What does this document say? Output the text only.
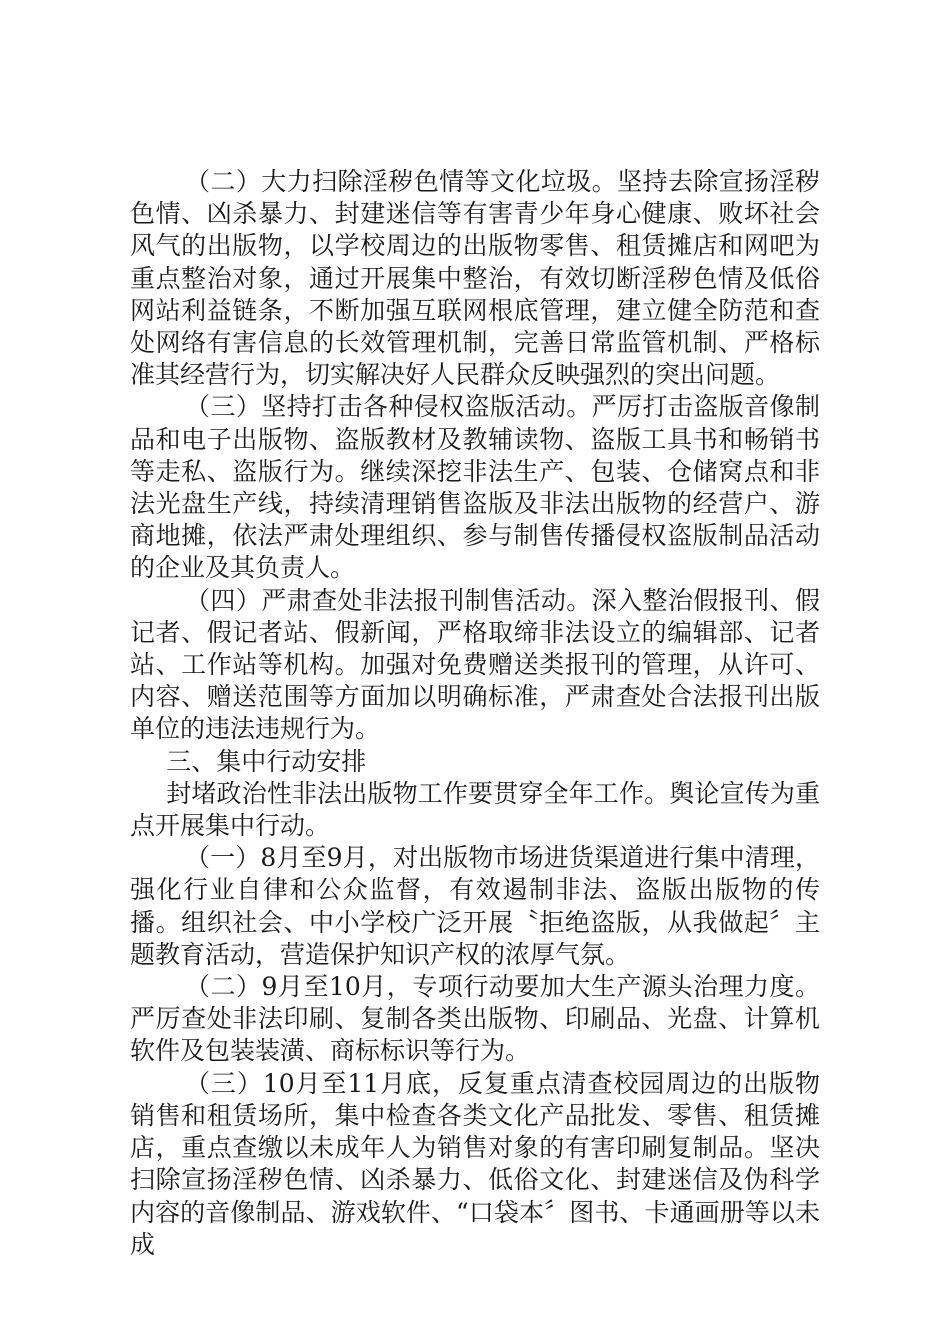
（二）大力扫除淫秽色情等文化垃圾。坚持去除宣扬淫秽色情、凶杀暴力、封建迷信等有害青少年身心健康、败坏社会风气的出版物，以学校周边的出版物零售、租赁摊店和网吧为重点整治对象，通过开展集中整治，有效切断淫秽色情及低俗网站利益链条，不断加强互联网根底管理，建立健全防范和查处网络有害信息的长效管理机制，完善日常监管机制、严格标准其经营行为，切实解决好人民群众反映强烈的突出问题。

（三）坚持打击各种侵权盗版活动。严厉打击盗版音像制品和电子出版物、盗版教材及教辅读物、盗版工具书和畅销书等走私、盗版行为。继续深挖非法生产、包装、仓储窝点和非法光盘生产线，持续清理销售盗版及非法出版物的经营户、游商地摊，依法严肃处理组织、参与制售传播侵权盗版制品活动的企业及其负责人。

（四）严肃查处非法报刊制售活动。深入整治假报刊、假记者、假记者站、假新闻，严格取缔非法设立的编辑部、记者站、工作站等机构。加强对免费赠送类报刊的管理，从许可、内容、赠送范围等方面加以明确标准，严肃查处合法报刊出版单位的违法违规行为。

三、集中行动安排

封堵政治性非法出版物工作要贯穿全年工作。舆论宣传为重点开展集中行动。

（一）8月至9月，对出版物市场进货渠道进行集中清理，强化行业自律和公众监督，有效遏制非法、盗版出版物的传播。组织社会、中小学校广泛开展〝拒绝盗版，从我做起〞主题教育活动，营造保护知识产权的浓厚气氛。

（二）9月至10月，专项行动要加大生产源头治理力度。严厉查处非法印刷、复制各类出版物、印刷品、光盘、计算机软件及包装装潢、商标标识等行为。

（三）10月至11月底，反复重点清查校园周边的出版物销售和租赁场所，集中检查各类文化产品批发、零售、租赁摊店，重点查缴以未成年人为销售对象的有害印刷复制品。坚决扫除宣扬淫秽色情、凶杀暴力、低俗文化、封建迷信及伪科学内容的音像制品、游戏软件、“口袋本〞图书、卡通画册等以未成
